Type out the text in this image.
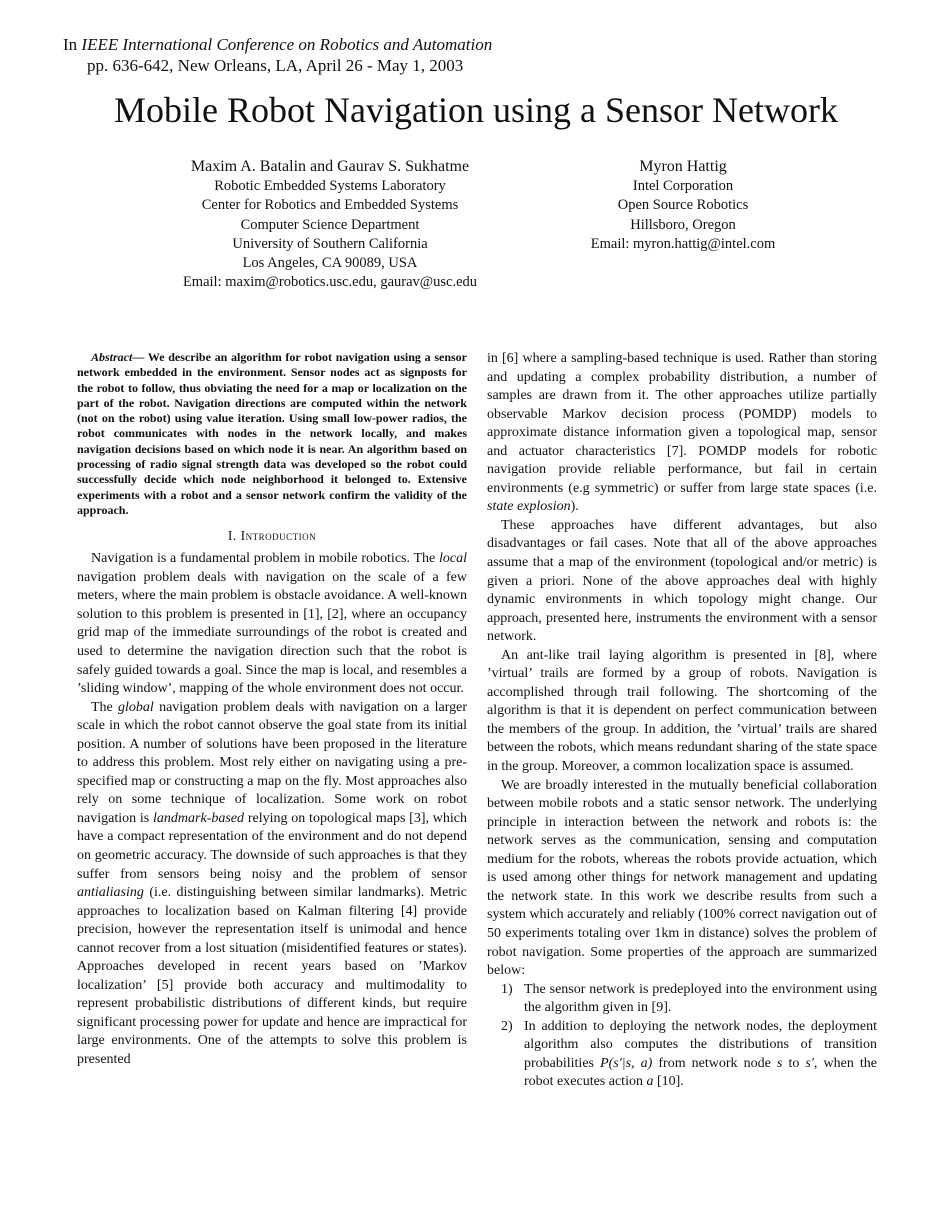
In IEEE International Conference on Robotics and Automation
pp. 636-642, New Orleans, LA, April 26 - May 1, 2003
Mobile Robot Navigation using a Sensor Network
Maxim A. Batalin and Gaurav S. Sukhatme
Robotic Embedded Systems Laboratory
Center for Robotics and Embedded Systems
Computer Science Department
University of Southern California
Los Angeles, CA 90089, USA
Email: maxim@robotics.usc.edu, gaurav@usc.edu
Myron Hattig
Intel Corporation
Open Source Robotics
Hillsboro, Oregon
Email: myron.hattig@intel.com

Abstract— We describe an algorithm for robot navigation using a sensor network embedded in the environment. Sensor nodes act as signposts for the robot to follow, thus obviating the need for a map or localization on the part of the robot. Navigation directions are computed within the network (not on the robot) using value iteration. Using small low-power radios, the robot communicates with nodes in the network locally, and makes navigation decisions based on which node it is near. An algorithm based on processing of radio signal strength data was developed so the robot could successfully decide which node neighborhood it belonged to. Extensive experiments with a robot and a sensor network confirm the validity of the approach.

I. Introduction

Navigation is a fundamental problem in mobile robotics. The local navigation problem deals with navigation on the scale of a few meters, where the main problem is obstacle avoidance. A well-known solution to this problem is presented in [1], [2], where an occupancy grid map of the immediate surroundings of the robot is created and used to determine the navigation direction such that the robot is safely guided towards a goal. Since the map is local, and resembles a ’sliding window’, mapping of the whole environment does not occur.

The global navigation problem deals with navigation on a larger scale in which the robot cannot observe the goal state from its initial position. A number of solutions have been proposed in the literature to address this problem. Most rely either on navigating using a pre-specified map or constructing a map on the fly. Most approaches also rely on some technique of localization. Some work on robot navigation is landmark-based relying on topological maps [3], which have a compact representation of the environment and do not depend on geometric accuracy. The downside of such approaches is that they suffer from sensors being noisy and the problem of sensor antialiasing (i.e. distinguishing between similar landmarks). Metric approaches to localization based on Kalman filtering [4] provide precision, however the representation itself is unimodal and hence cannot recover from a lost situation (misidentified features or states). Approaches developed in recent years based on ’Markov localization’ [5] provide both accuracy and multimodality to represent probabilistic distributions of different kinds, but require significant processing power for update and hence are impractical for large environments. One of the attempts to solve this problem is presented

in [6] where a sampling-based technique is used. Rather than storing and updating a complex probability distribution, a number of samples are drawn from it. The other approaches utilize partially observable Markov decision process (POMDP) models to approximate distance information given a topological map, sensor and actuator characteristics [7]. POMDP models for robotic navigation provide reliable performance, but fail in certain environments (e.g symmetric) or suffer from large state spaces (i.e. state explosion).

These approaches have different advantages, but also disadvantages or fail cases. Note that all of the above approaches assume that a map of the environment (topological and/or metric) is given a priori. None of the above approaches deal with highly dynamic environments in which topology might change. Our approach, presented here, instruments the environment with a sensor network.

An ant-like trail laying algorithm is presented in [8], where ’virtual’ trails are formed by a group of robots. Navigation is accomplished through trail following. The shortcoming of the algorithm is that it is dependent on perfect communication between the members of the group. In addition, the ’virtual’ trails are shared between the robots, which means redundant sharing of the state space in the group. Moreover, a common localization space is assumed.

We are broadly interested in the mutually beneficial collaboration between mobile robots and a static sensor network. The underlying principle in interaction between the network and robots is: the network serves as the communication, sensing and computation medium for the robots, whereas the robots provide actuation, which is used among other things for network management and updating the network state. In this work we describe results from such a system which accurately and reliably (100% correct navigation out of 50 experiments totaling over 1km in distance) solves the problem of robot navigation. Some properties of the approach are summarized below:

1) The sensor network is predeployed into the environment using the algorithm given in [9].
2) In addition to deploying the network nodes, the deployment algorithm also computes the distributions of transition probabilities P(s′|s, a) from network node s to s′, when the robot executes action a [10].
